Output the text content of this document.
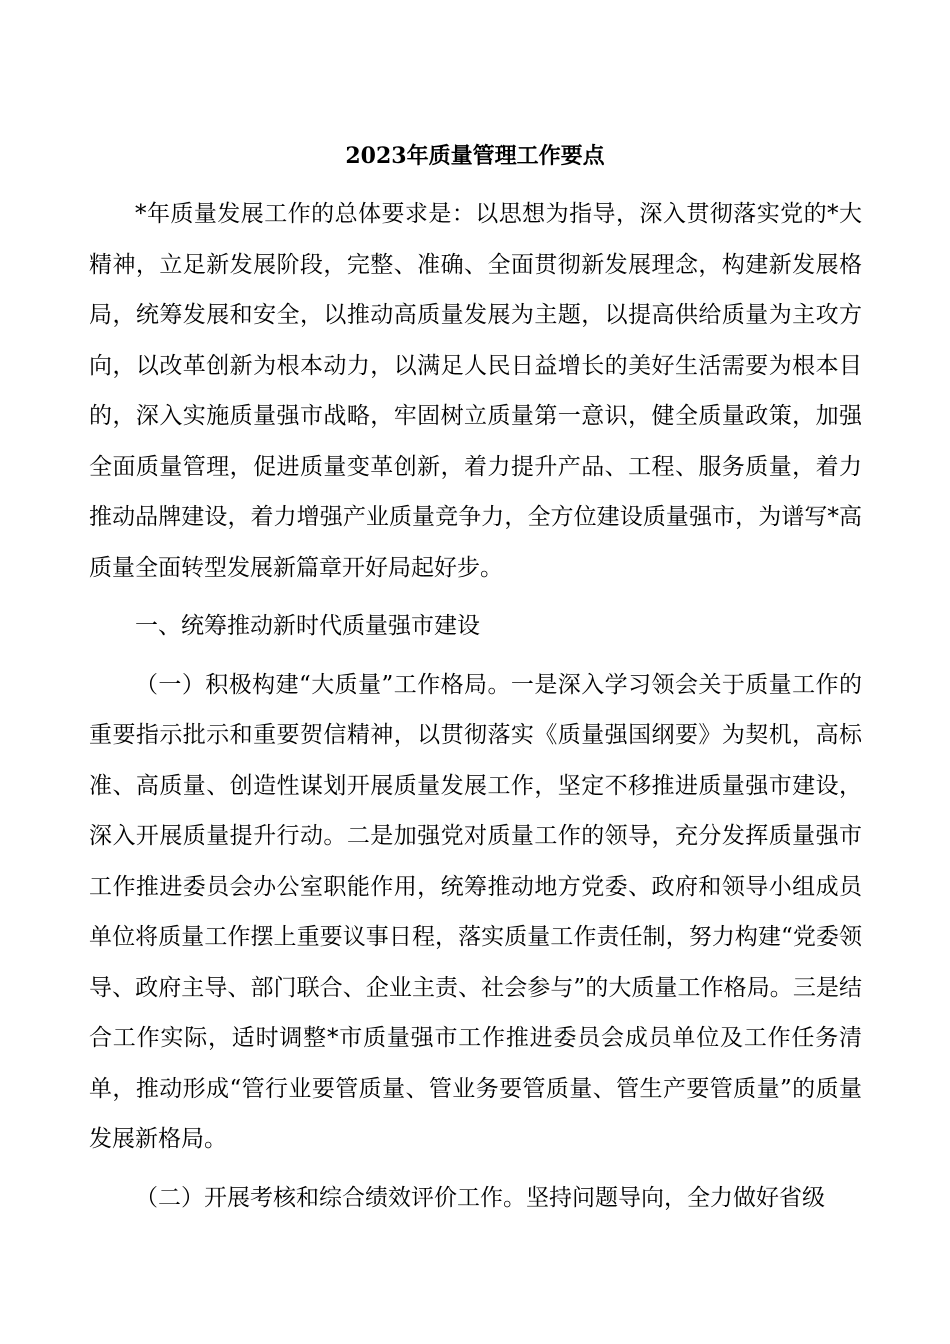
2023年质量管理工作要点

*年质量发展工作的总体要求是：以思想为指导，深入贯彻落实党的*大精神，立足新发展阶段，完整、准确、全面贯彻新发展理念，构建新发展格局，统筹发展和安全，以推动高质量发展为主题，以提高供给质量为主攻方向，以改革创新为根本动力，以满足人民日益增长的美好生活需要为根本目的，深入实施质量强市战略，牢固树立质量第一意识，健全质量政策，加强全面质量管理，促进质量变革创新，着力提升产品、工程、服务质量，着力推动品牌建设，着力增强产业质量竞争力，全方位建设质量强市，为谱写*高质量全面转型发展新篇章开好局起好步。

一、统筹推动新时代质量强市建设

（一）积极构建“大质量”工作格局。一是深入学习领会关于质量工作的重要指示批示和重要贺信精神，以贯彻落实《质量强国纲要》为契机，高标准、高质量、创造性谋划开展质量发展工作，坚定不移推进质量强市建设，深入开展质量提升行动。二是加强党对质量工作的领导，充分发挥质量强市工作推进委员会办公室职能作用，统筹推动地方党委、政府和领导小组成员单位将质量工作摆上重要议事日程，落实质量工作责任制，努力构建“党委领导、政府主导、部门联合、企业主责、社会参与”的大质量工作格局。三是结合工作实际，适时调整*市质量强市工作推进委员会成员单位及工作任务清单，推动形成“管行业要管质量、管业务要管质量、管生产要管质量”的质量发展新格局。

（二）开展考核和综合绩效评价工作。坚持问题导向，全力做好省级
